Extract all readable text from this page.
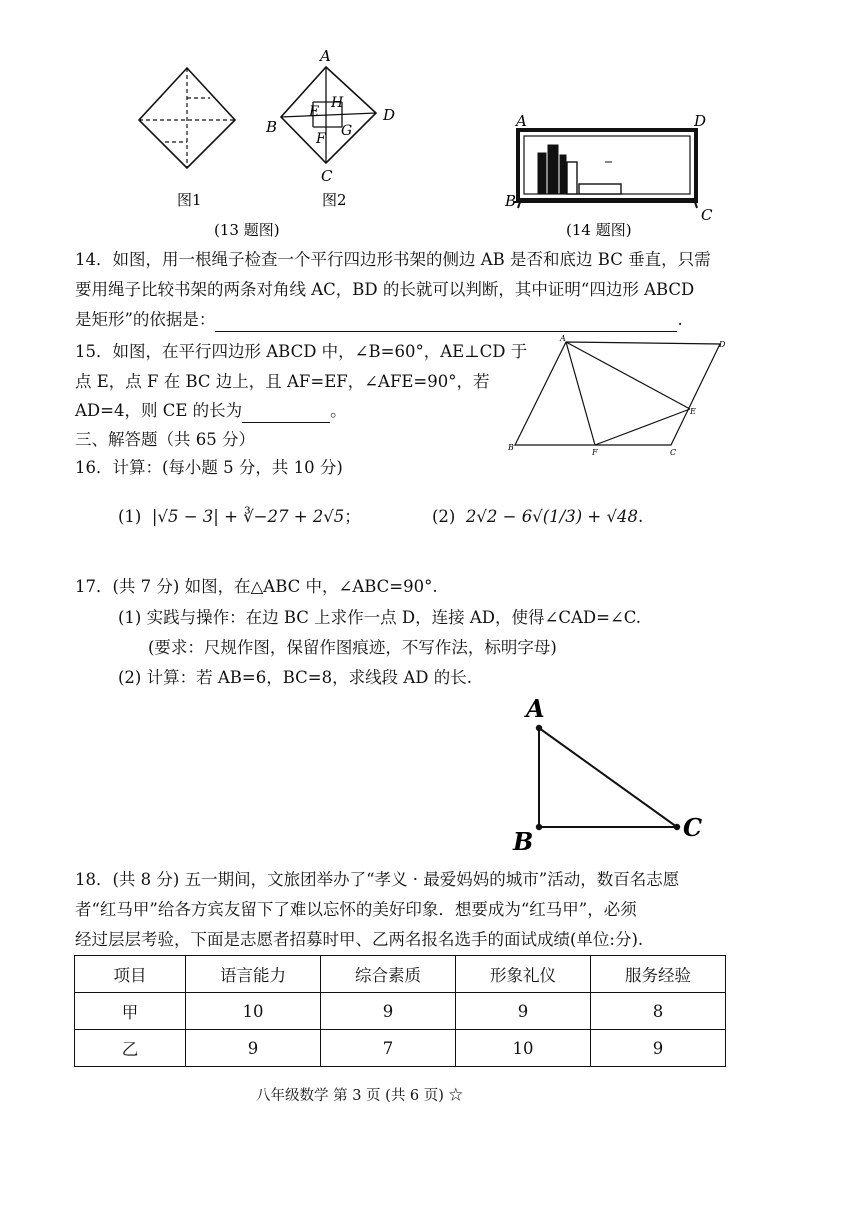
A
B
C
D
E
H
F G
图1	图2
(13 题图)
A	D
B
C
(14 题图)
14．如图，用一根绳子检查一个平行四边形书架的侧边 AB 是否和底边 BC 垂直，只需
要用绳子比较书架的两条对角线 AC，BD 的长就可以判断，其中证明“四边形 ABCD
是矩形”的依据是：	.
15．如图，在平行四边形 ABCD 中，∠B=60°，AE⊥CD 于
点 E，点 F 在 BC 边上，且 AF=EF，∠AFE=90°，若
AD=4，则 CE 的长为	。
A
D
E
B
F	C
三、解答题（共 65 分）
16．计算：(每小题 5 分，共 10 分)
(1) |√5 − 3| + ∛−27 + 2√5；	(2) 2√2 − 6√(1/3) + √48.
17．(共 7 分) 如图，在△ABC 中，∠ABC=90°.
(1) 实践与操作：在边 BC 上求作一点 D，连接 AD，使得∠CAD=∠C.
(要求：尺规作图，保留作图痕迹，不写作法，标明字母)
(2) 计算：若 AB=6，BC=8，求线段 AD 的长.
A
B	C
18．(共 8 分) 五一期间，文旅团举办了“孝义 · 最爱妈妈的城市”活动，数百名志愿
者“红马甲”给各方宾友留下了难以忘怀的美好印象．想要成为“红马甲”，必须
经过层层考验，下面是志愿者招募时甲、乙两名报名选手的面试成绩(单位:分).
项目	语言能力	综合素质	形象礼仪	服务经验
甲	10	9	9	8
乙	9	7	10	9
八年级数学 第 3 页 (共 6 页) ☆
